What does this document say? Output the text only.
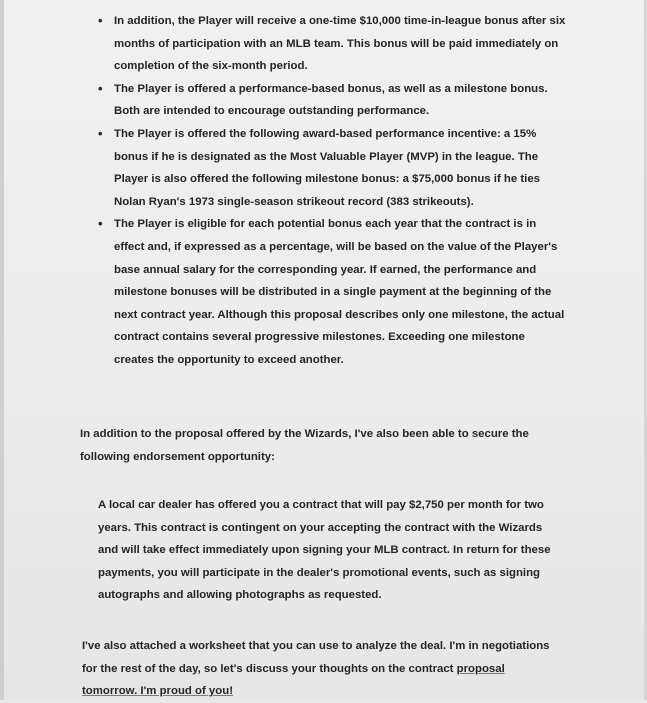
• In addition, the Player will receive a one-time $10,000 time-in-league bonus after six months of participation with an MLB team. This bonus will be paid immediately on completion of the six-month period.
• The Player is offered a performance-based bonus, as well as a milestone bonus. Both are intended to encourage outstanding performance.
• The Player is offered the following award-based performance incentive: a 15% bonus if he is designated as the Most Valuable Player (MVP) in the league. The Player is also offered the following milestone bonus: a $75,000 bonus if he ties Nolan Ryan's 1973 single-season strikeout record (383 strikeouts).
• The Player is eligible for each potential bonus each year that the contract is in effect and, if expressed as a percentage, will be based on the value of the Player's base annual salary for the corresponding year. If earned, the performance and milestone bonuses will be distributed in a single payment at the beginning of the next contract year. Although this proposal describes only one milestone, the actual contract contains several progressive milestones. Exceeding one milestone creates the opportunity to exceed another.
In addition to the proposal offered by the Wizards, I've also been able to secure the following endorsement opportunity:
A local car dealer has offered you a contract that will pay $2,750 per month for two years. This contract is contingent on your accepting the contract with the Wizards and will take effect immediately upon signing your MLB contract. In return for these payments, you will participate in the dealer's promotional events, such as signing autographs and allowing photographs as requested.
I've also attached a worksheet that you can use to analyze the deal. I'm in negotiations for the rest of the day, so let's discuss your thoughts on the contract proposal tomorrow. I'm proud of you!
